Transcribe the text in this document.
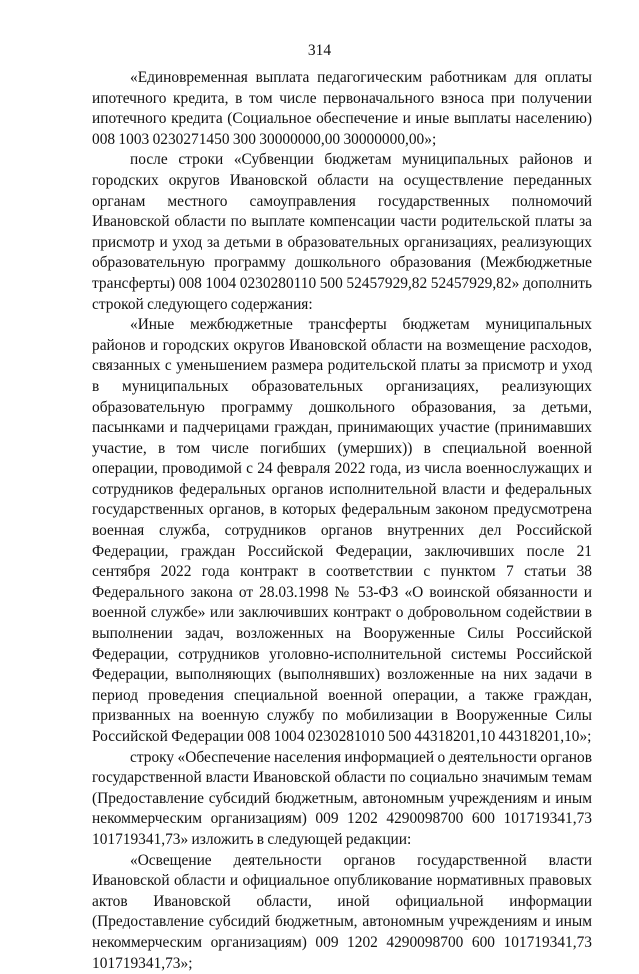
314

«Единовременная выплата педагогическим работникам для оплаты ипотечного кредита, в том числе первоначального взноса при получении ипотечного кредита (Социальное обеспечение и иные выплаты населению) 008 1003 0230271450 300 30000000,00 30000000,00»;

после строки «Субвенции бюджетам муниципальных районов и городских округов Ивановской области на осуществление переданных органам местного самоуправления государственных полномочий Ивановской области по выплате компенсации части родительской платы за присмотр и уход за детьми в образовательных организациях, реализующих образовательную программу дошкольного образования (Межбюджетные трансферты) 008 1004 0230280110 500 52457929,82 52457929,82» дополнить строкой следующего содержания:

«Иные межбюджетные трансферты бюджетам муниципальных районов и городских округов Ивановской области на возмещение расходов, связанных с уменьшением размера родительской платы за присмотр и уход в муниципальных образовательных организациях, реализующих образовательную программу дошкольного образования, за детьми, пасынками и падчерицами граждан, принимающих участие (принимавших участие, в том числе погибших (умерших)) в специальной военной операции, проводимой с 24 февраля 2022 года, из числа военнослужащих и сотрудников федеральных органов исполнительной власти и федеральных государственных органов, в которых федеральным законом предусмотрена военная служба, сотрудников органов внутренних дел Российской Федерации, граждан Российской Федерации, заключивших после 21 сентября 2022 года контракт в соответствии с пунктом 7 статьи 38 Федерального закона от 28.03.1998 № 53-ФЗ «О воинской обязанности и военной службе» или заключивших контракт о добровольном содействии в выполнении задач, возложенных на Вооруженные Силы Российской Федерации, сотрудников уголовно-исполнительной системы Российской Федерации, выполняющих (выполнявших) возложенные на них задачи в период проведения специальной военной операции, а также граждан, призванных на военную службу по мобилизации в Вооруженные Силы Российской Федерации 008 1004 0230281010 500 44318201,10 44318201,10»;

строку «Обеспечение населения информацией о деятельности органов государственной власти Ивановской области по социально значимым темам (Предоставление субсидий бюджетным, автономным учреждениям и иным некоммерческим организациям) 009 1202 4290098700 600 101719341,73 101719341,73» изложить в следующей редакции:

«Освещение деятельности органов государственной власти Ивановской области и официальное опубликование нормативных правовых актов Ивановской области, иной официальной информации (Предоставление субсидий бюджетным, автономным учреждениям и иным некоммерческим организациям) 009 1202 4290098700 600 101719341,73 101719341,73»;
